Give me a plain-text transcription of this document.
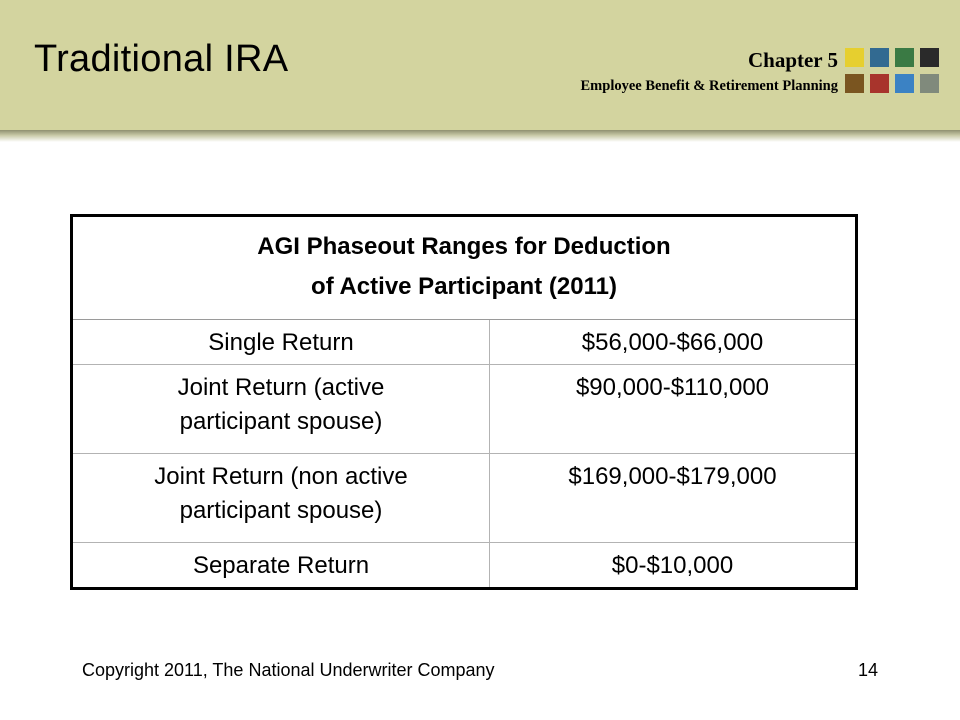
Traditional IRA	Chapter 5
Employee Benefit & Retirement Planning
AGI Phaseout Ranges for Deduction
of Active Participant (2011)	
Single Return	$56,000-$66,000
Joint Return (active
participant spouse)	$90,000-$110,000
Joint Return (non active
participant spouse)	$169,000-$179,000
Separate Return	$0-$10,000
Copyright 2011, The National Underwriter Company	14
